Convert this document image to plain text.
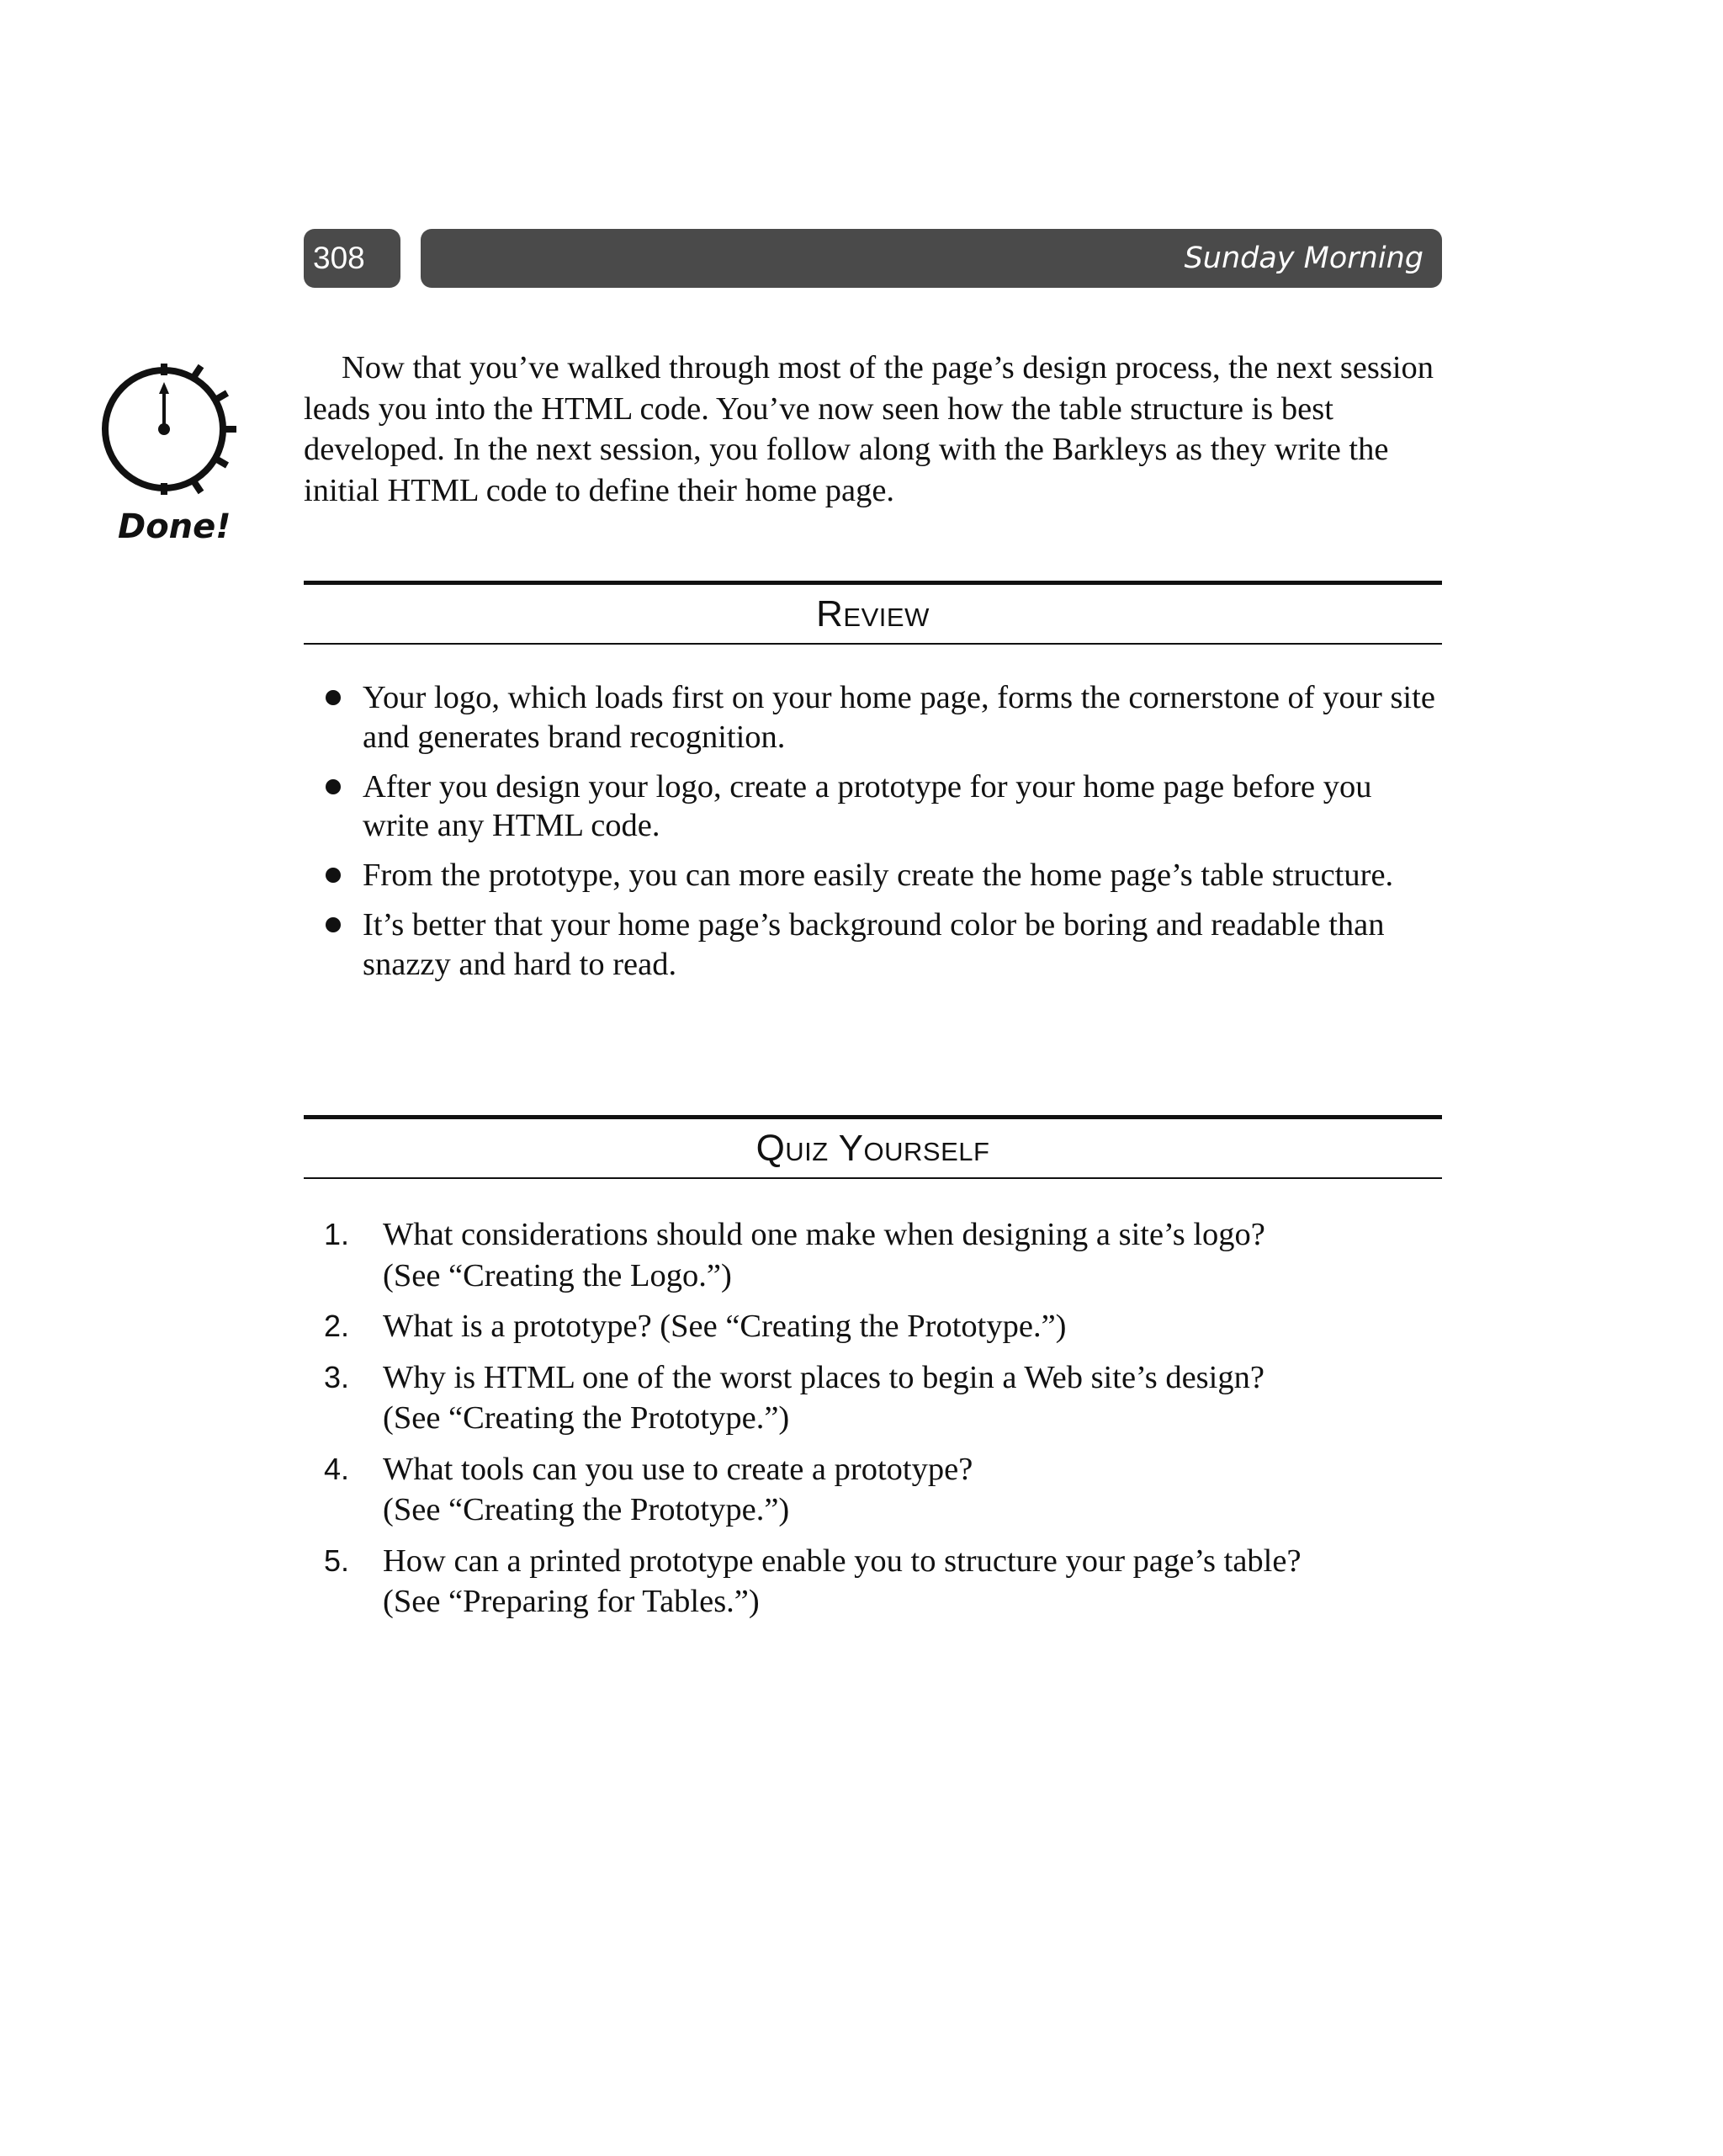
308	Sunday Morning
Done!

Now that you’ve walked through most of the page’s design process, the next session leads you into the HTML code. You’ve now seen how the table structure is best developed. In the next session, you follow along with the Barkleys as they write the initial HTML code to define their home page.

Review
Your logo, which loads first on your home page, forms the cornerstone of your site and generates brand recognition.
After you design your logo, create a prototype for your home page before you write any HTML code.
From the prototype, you can more easily create the home page’s table structure.
It’s better that your home page’s background color be boring and readable than snazzy and hard to read.
Quiz Yourself
1. What considerations should one make when designing a site’s logo?
(See “Creating the Logo.”)
2. What is a prototype? (See “Creating the Prototype.”)
3. Why is HTML one of the worst places to begin a Web site’s design?
(See “Creating the Prototype.”)
4. What tools can you use to create a prototype?
(See “Creating the Prototype.”)
5. How can a printed prototype enable you to structure your page’s table?
(See “Preparing for Tables.”)
